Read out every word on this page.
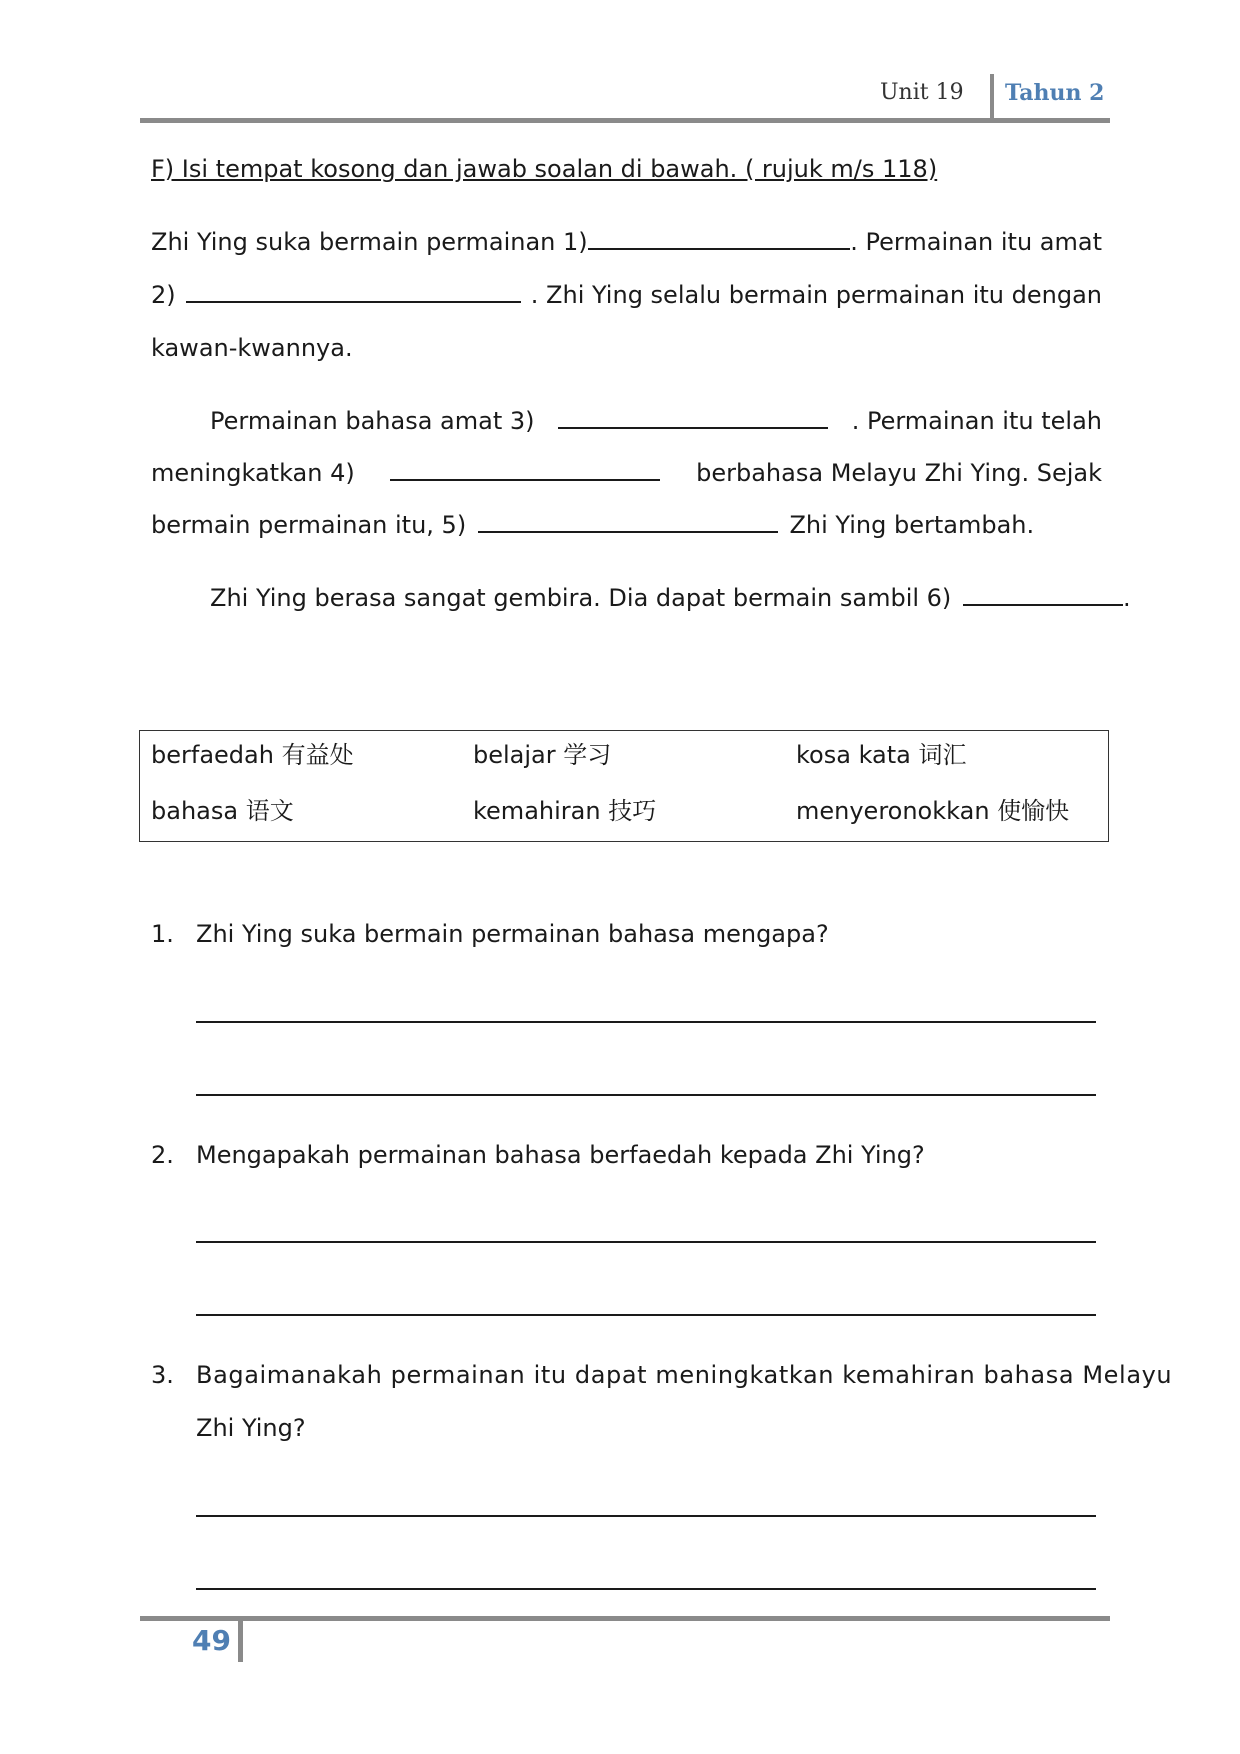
Unit 19 Tahun 2
F) Isi tempat kosong dan jawab soalan di bawah. ( rujuk m/s 118)
Zhi Ying suka bermain permainan 1)	. Permainan itu amat
2)	. Zhi Ying selalu bermain permainan itu dengan
kawan-kwannya.
Permainan bahasa amat 3)	. Permainan itu telah
meningkatkan 4)	berbahasa Melayu Zhi Ying. Sejak
bermain permainan itu, 5)	Zhi Ying bertambah.
Zhi Ying berasa sangat gembira. Dia dapat bermain sambil 6)	.
berfaedah 有益处	belajar 学习	kosa kata 词汇
bahasa 语文	kemahiran 技巧	menyeronokkan 使愉快
1. Zhi Ying suka bermain permainan bahasa mengapa?
2. Mengapakah permainan bahasa berfaedah kepada Zhi Ying?
3. Bagaimanakah permainan itu dapat meningkatkan kemahiran bahasa Melayu
Zhi Ying?
49
